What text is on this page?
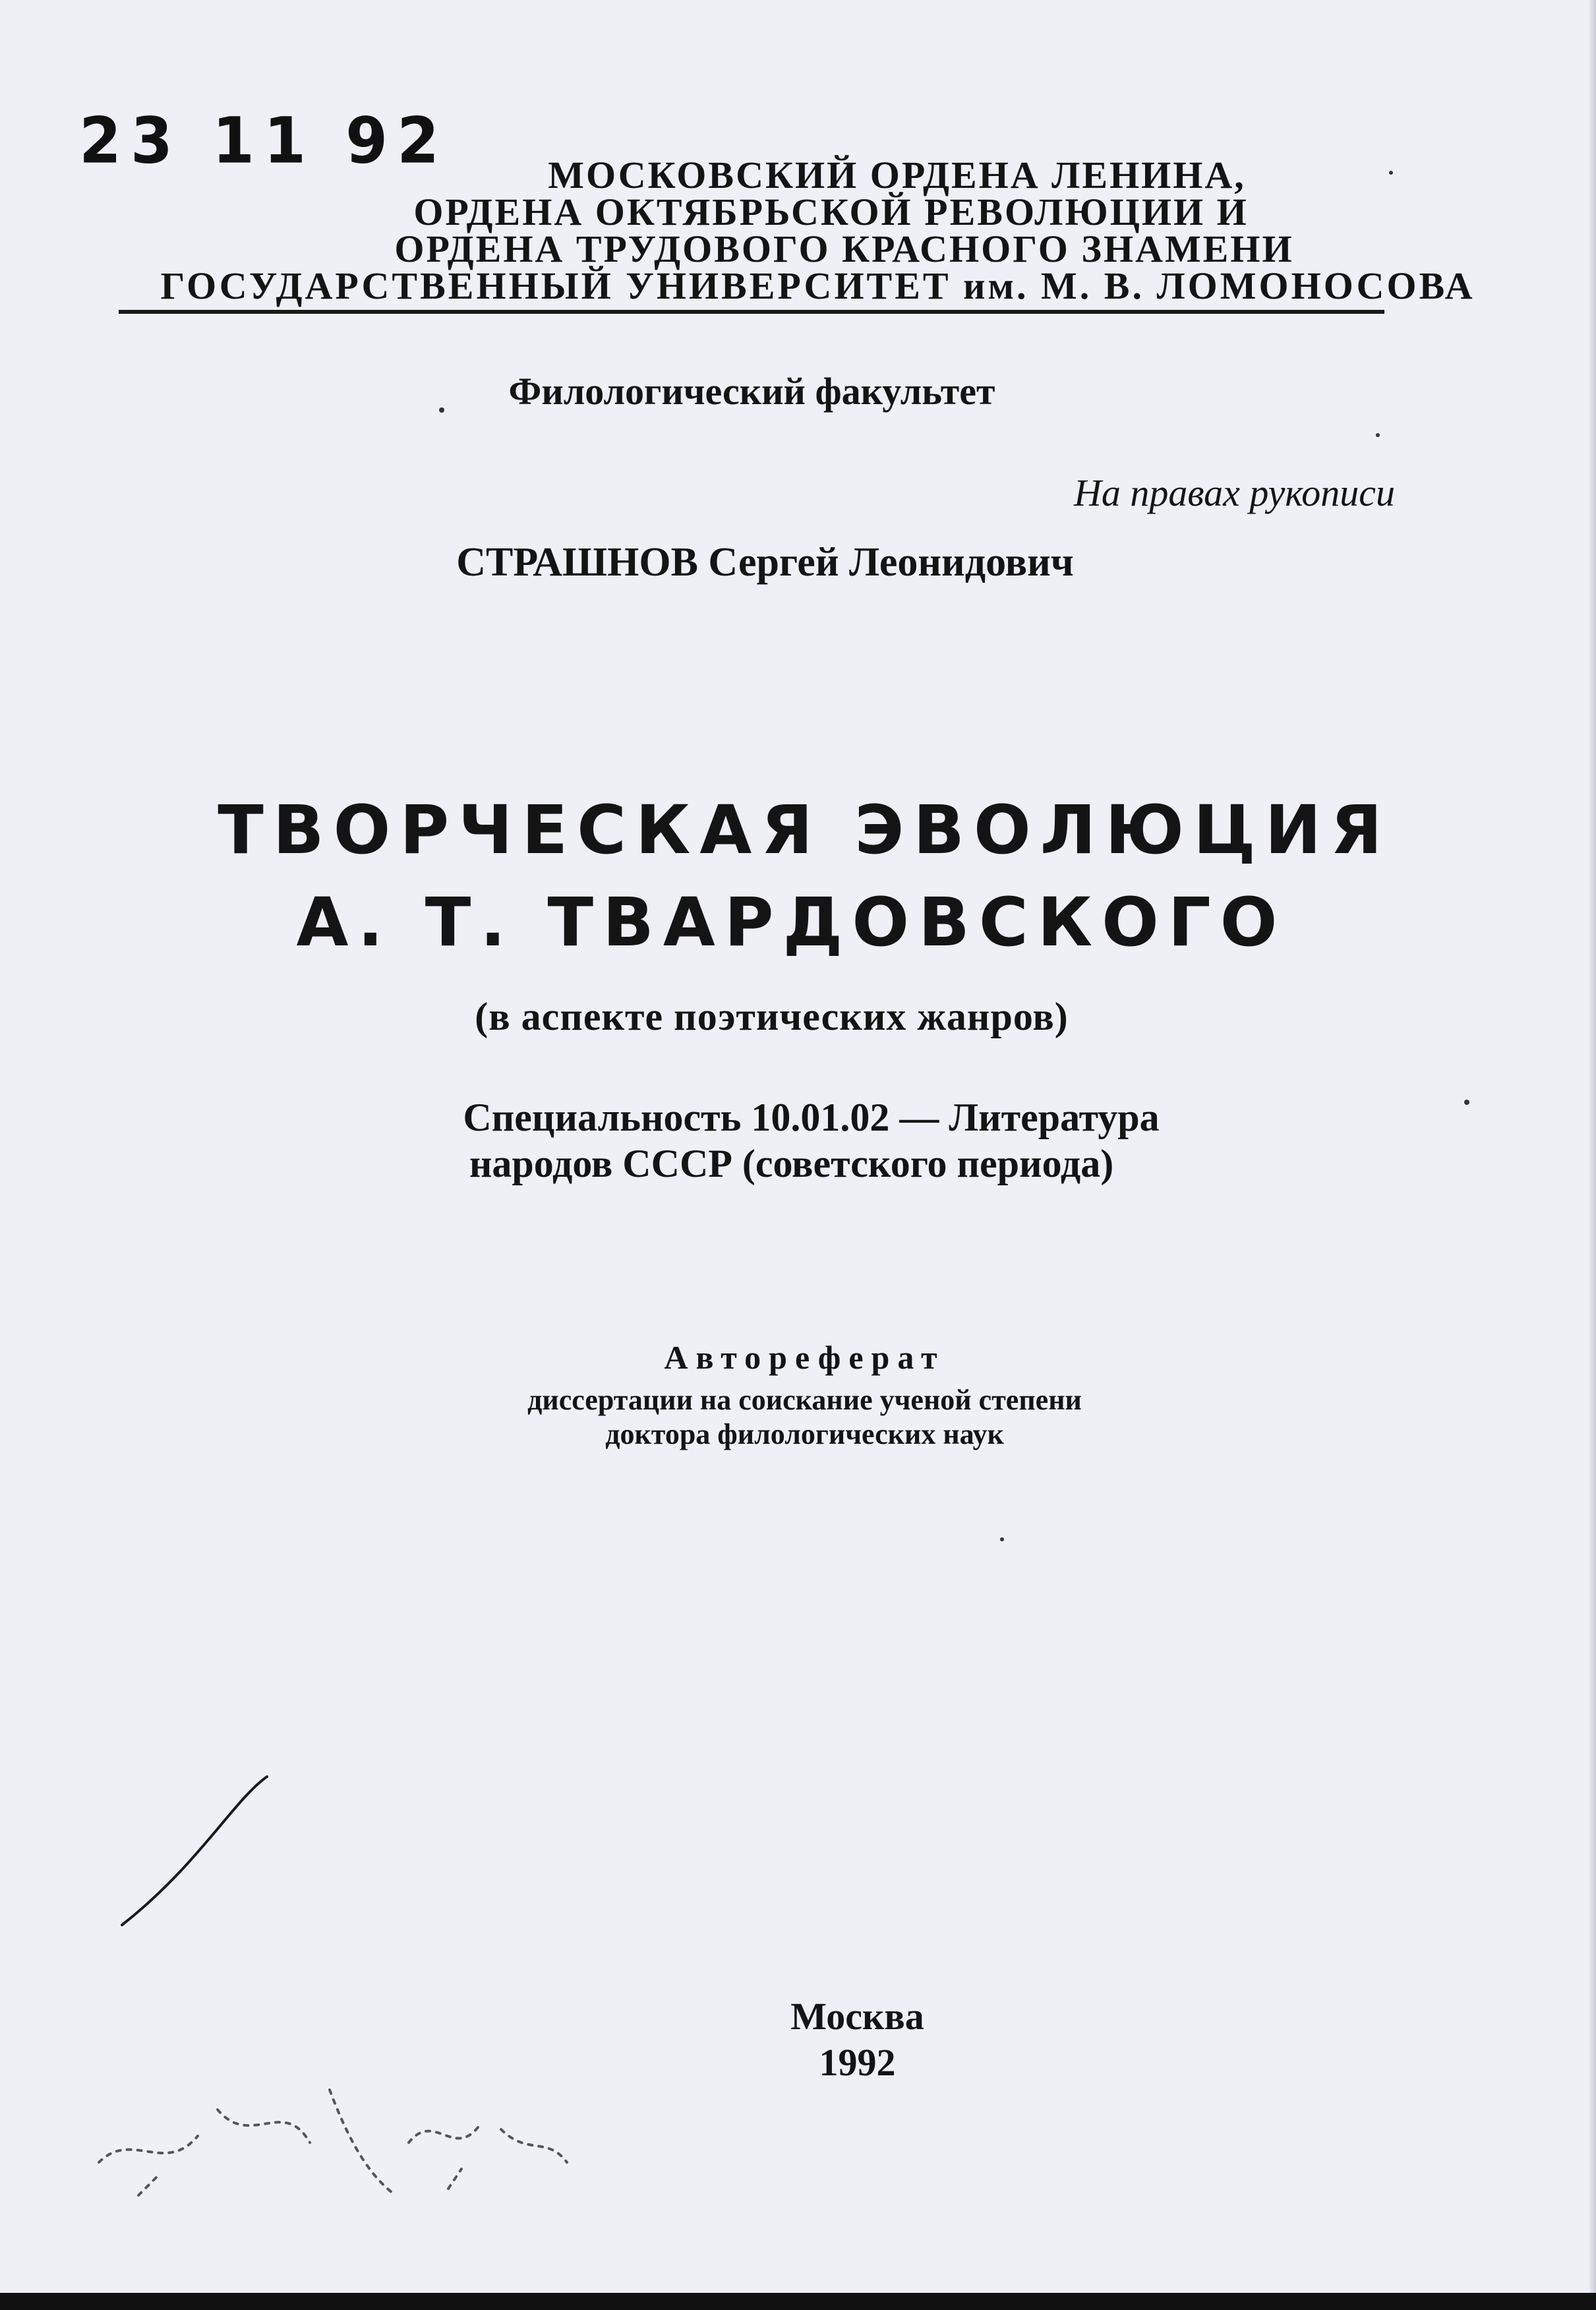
23 11 92	МОСКОВСКИЙ ОРДЕНА ЛЕНИНА,
ОРДЕНА ОКТЯБРЬСКОЙ РЕВОЛЮЦИИ И
ОРДЕНА ТРУДОВОГО КРАСНОГО ЗНАМЕНИ
ГОСУДАРСТВЕННЫЙ УНИВЕРСИТЕТ им. М. В. ЛОМОНОСОВА
Филологический факультет
На правах рукописи
СТРАШНОВ Сергей Леонидович
ТВОРЧЕСКАЯ ЭВОЛЮЦИЯ
А. Т. ТВАРДОВСКОГО
(в аспекте поэтических жанров)
Специальность 10.01.02 — Литература
народов СССР (советского периода)
Автореферат
диссертации на соискание ученой степени
доктора филологических наук
Москва
1992
